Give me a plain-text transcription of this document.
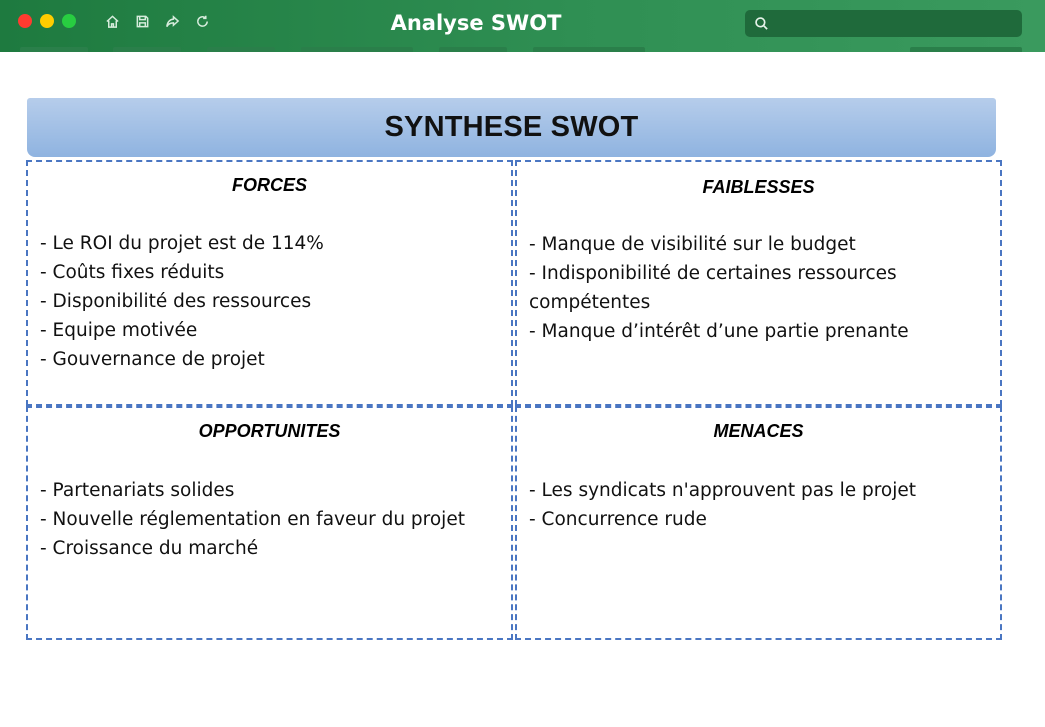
Analyse SWOT
SYNTHESE SWOT
FORCES
- Le ROI du projet est de 114%
- Coûts fixes réduits
- Disponibilité des ressources
- Equipe motivée
- Gouvernance de projet
FAIBLESSES
- Manque de visibilité sur le budget
- Indisponibilité de certaines ressources compétentes
- Manque d’intérêt d’une partie prenante
OPPORTUNITES
- Partenariats solides
- Nouvelle réglementation en faveur du projet
- Croissance du marché
MENACES
- Les syndicats n'approuvent pas le projet
- Concurrence rude
